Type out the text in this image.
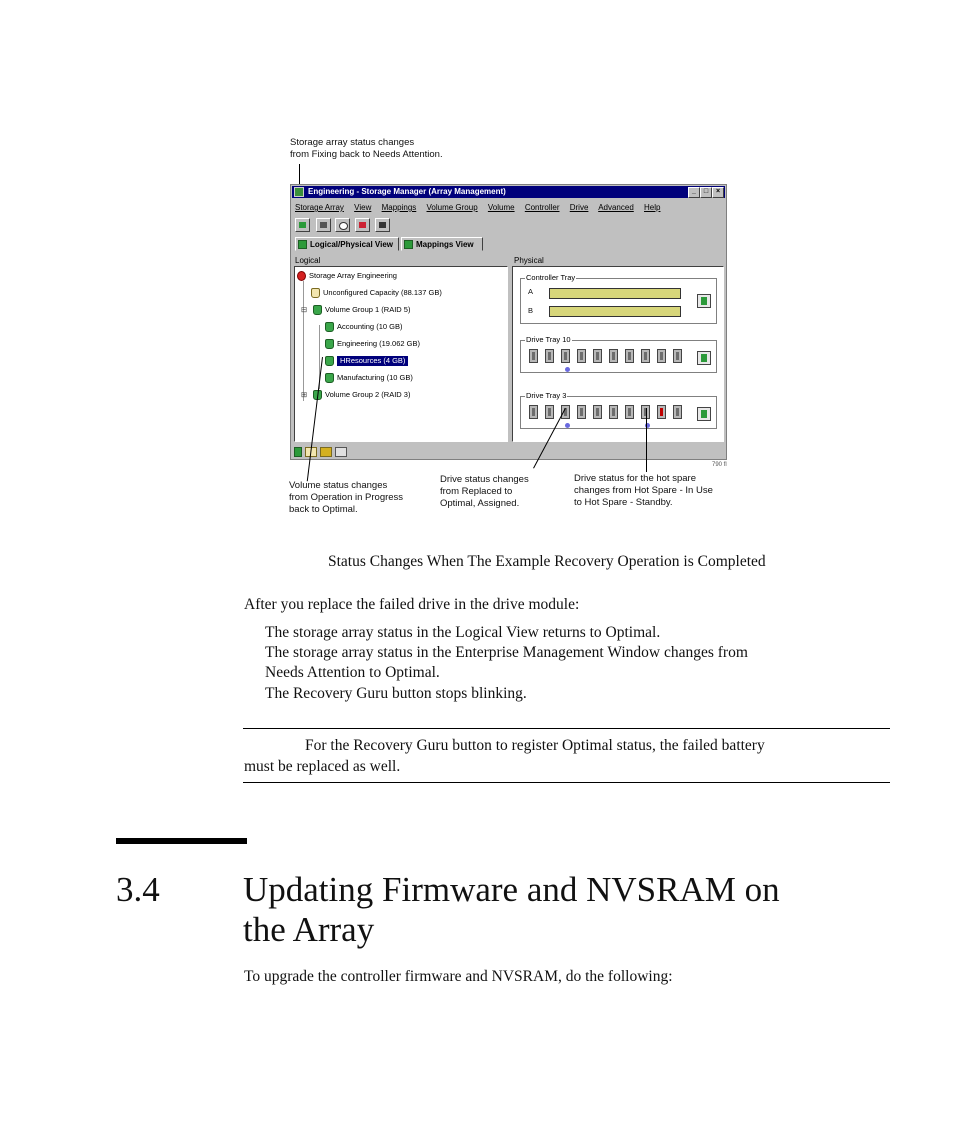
Storage array status changes
from Fixing back to Needs Attention.
Engineering - Storage Manager (Array Management)	_	□	×
Storage Array View Mappings Volume Group Volume Controller Drive Advanced Help
Logical/Physical View	Mappings View
Logical
Storage Array Engineering
Unconfigured Capacity (88.137 GB)
⊟ Volume Group 1 (RAID 5)
Accounting (10 GB)
Engineering (19.062 GB)
HResources (4 GB)
Manufacturing (10 GB)
⊞ Volume Group 2 (RAID 3)
Physical
Controller Tray
A
B
Drive Tray 10
Drive Tray 3
790 fl
Volume status changes
from Operation in Progress
back to Optimal.
Drive status changes
from Replaced to
Optimal, Assigned.
Drive status for the hot spare
changes from Hot Spare - In Use
to Hot Spare - Standby.
Status Changes When The Example Recovery Operation is Completed
After you replace the failed drive in the drive module:
The storage array status in the Logical View returns to Optimal.
The storage array status in the Enterprise Management Window changes from
Needs Attention to Optimal.
The Recovery Guru button stops blinking.
For the Recovery Guru button to register Optimal status, the failed battery
must be replaced as well.
3.4 Updating Firmware and NVSRAM on
the Array
To upgrade the controller firmware and NVSRAM, do the following:
